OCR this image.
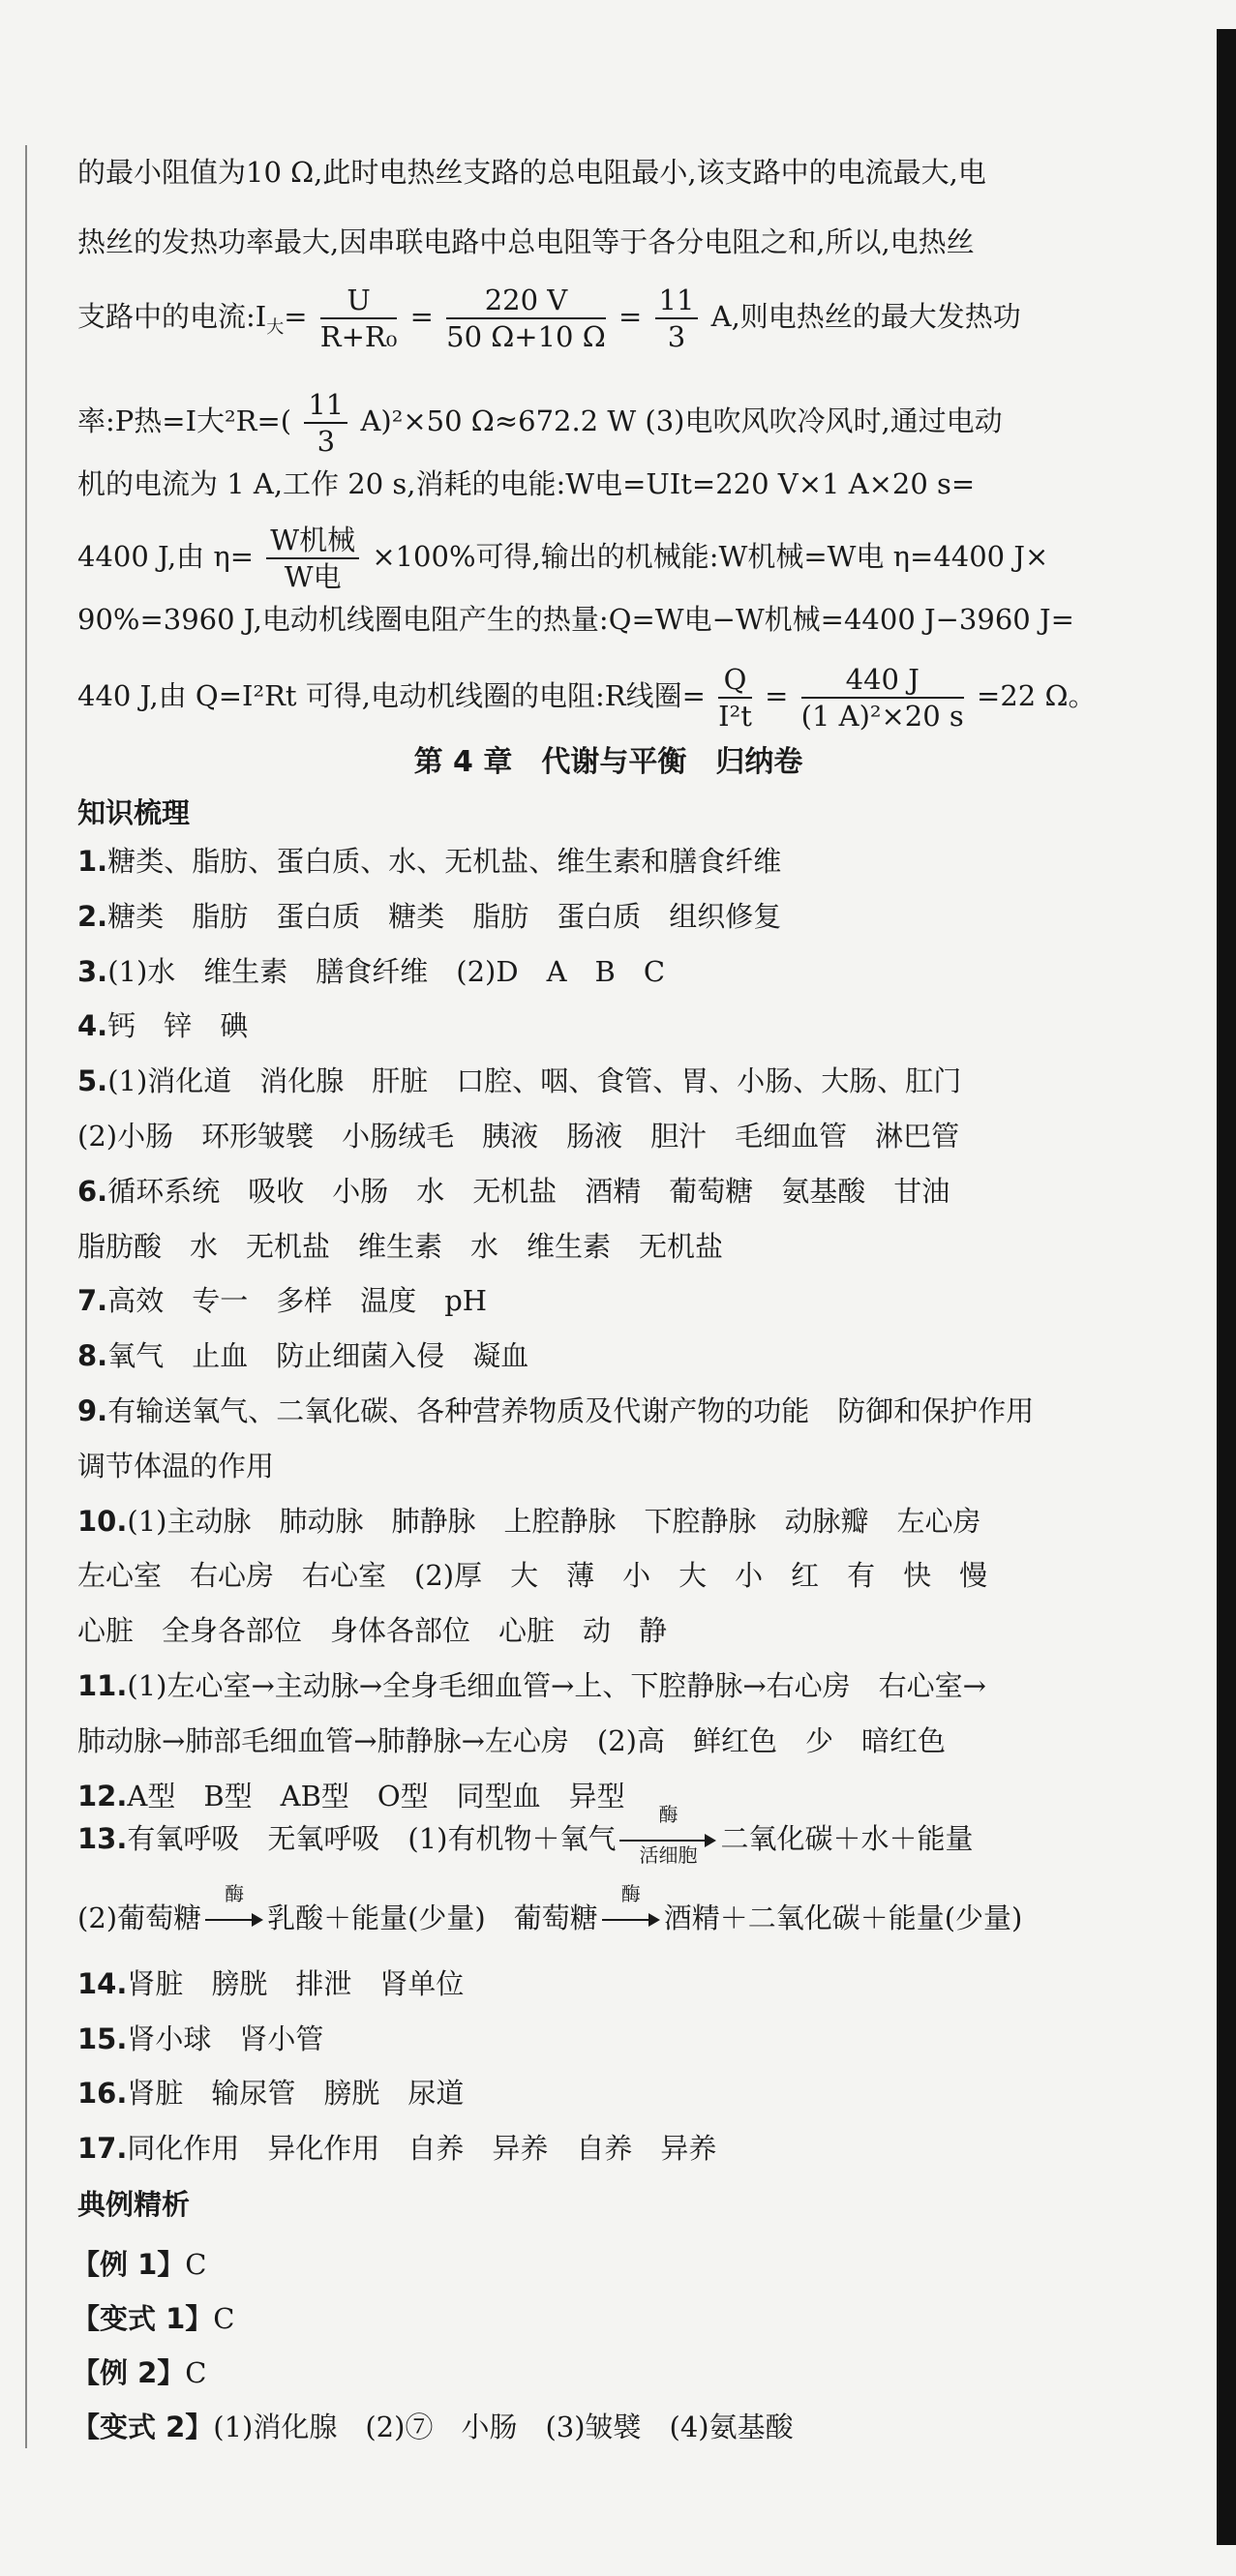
的最小阻值为10 Ω,此时电热丝支路的总电阻最小,该支路中的电流最大,电
热丝的发热功率最大,因串联电路中总电阻等于各分电阻之和,所以,电热丝
支路中的电流$:I_大= \frac{U}{\text{R+R₀}} = \frac{220 V}{50 \Omega+10 \Omega} = \frac{11}{3} A$,则电热丝的最大发热功
率:P热=I大$^2R=( \frac{11}{3} A)^2\times 50$ Ω≈672.2 W (3)电吹风吹冷风时,通过电动
机的电流为 1 A,工作 20 s,消耗的电能:W电=UIt=220 V×1 A×20 s=
4400 J,由 $\eta= \frac{\text{W机械}}{\text{W电}} \times 100\%$可得,输出的机械能:W机械=W电 η=4400 J×
90%=3960 J,电动机线圈电阻产生的热量:Q=W电−W机械=4400 J−3960 J=
440 J,由 Q=I²Rt 可得,电动机线圈的电阻:R线圈= $\frac{Q}{\text{I²t}} = \frac{440 J}{\text{(1 A)²×20 s}} =22$ Ω。
第 4 章　代谢与平衡　归纳卷
知识梳理
1.糖类、脂肪、蛋白质、水、无机盐、维生素和膳食纤维
2.糖类　脂肪　蛋白质　糖类　脂肪　蛋白质　组织修复
3.(1)水　维生素　膳食纤维　(2)D　A　B　C
4.钙　锌　碘
5.(1)消化道　消化腺　肝脏　口腔、咽、食管、胃、小肠、大肠、肛门
(2)小肠　环形皱襞　小肠绒毛　胰液　肠液　胆汁　毛细血管　淋巴管
6.循环系统　吸收　小肠　水　无机盐　酒精　葡萄糖　氨基酸　甘油
脂肪酸　水　无机盐　维生素　水　维生素　无机盐
7.高效　专一　多样　温度　pH
8.氧气　止血　防止细菌入侵　凝血
9.有输送氧气、二氧化碳、各种营养物质及代谢产物的功能　防御和保护作用
调节体温的作用
10.(1)主动脉　肺动脉　肺静脉　上腔静脉　下腔静脉　动脉瓣　左心房
左心室　右心房　右心室　(2)厚　大　薄　小　大　小　红　有　快　慢
心脏　全身各部位　身体各部位　心脏　动　静
11.(1)左心室→主动脉→全身毛细血管→上、下腔静脉→右心房　右心室→
肺动脉→肺部毛细血管→肺静脉→左心房　(2)高　鲜红色　少　暗红色
12.A型　B型　AB型　O型　同型血　异型
13.有氧呼吸　无氧呼吸　(1)有机物＋氧气
酶
活细胞 二氧化碳＋水＋能量
(2)葡萄糖
酶
乳酸＋能量(少量)　葡萄糖
酶
酒精＋二氧化碳＋能量(少量)
14.肾脏　膀胱　排泄　肾单位
15.肾小球　肾小管
16.肾脏　输尿管　膀胱　尿道
17.同化作用　异化作用　自养　异养　自养　异养
典例精析
【例 1】C
【变式 1】C
【例 2】C
【变式 2】(1)消化腺　(2)⑦　小肠　(3)皱襞　(4)氨基酸
